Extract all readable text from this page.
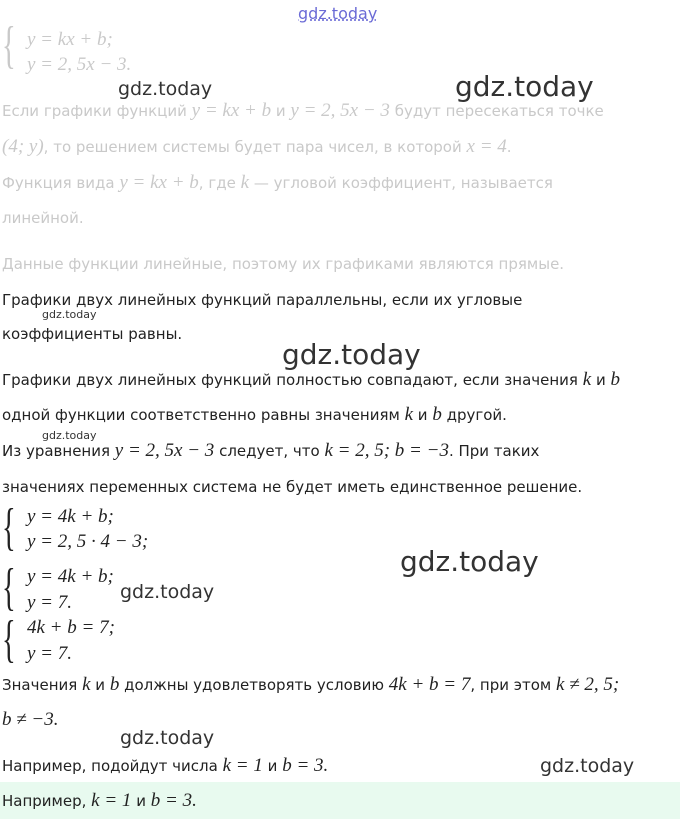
gdz.today
{ y = kx + b;
y = 2, 5x − 3.
Если графики функций y = kx + b и y = 2, 5x − 3 будут пересекаться точке
(4; y), то решением системы будет пара чисел, в которой x = 4.
Функция вида y = kx + b, где k — угловой коэффициент, называется
линейной.
Данные функции линейные, поэтому их графиками являются прямые.
Графики двух линейных функций параллельны, если их угловые
коэффициенты равны.
Графики двух линейных функций полностью совпадают, если значения k и b
одной функции соответственно равны значениям k и b другой.
Из уравнения y = 2, 5x − 3 следует, что k = 2, 5; b = −3. При таких
значениях переменных система не будет иметь единственное решение.
{ y = 4k + b;
y = 2, 5 · 4 − 3;
{ y = 4k + b;
y = 7.
{ 4k + b = 7;
y = 7.
Значения k и b должны удовлетворять условию 4k + b = 7, при этом k ≠ 2, 5;
b ≠ −3.
Например, подойдут числа k = 1 и b = 3.
Например, k = 1 и b = 3.
gdz.today	gdz.today
gdz.today
gdz.today
gdz.today
gdz.today
gdz.today
gdz.today
gdz.today
